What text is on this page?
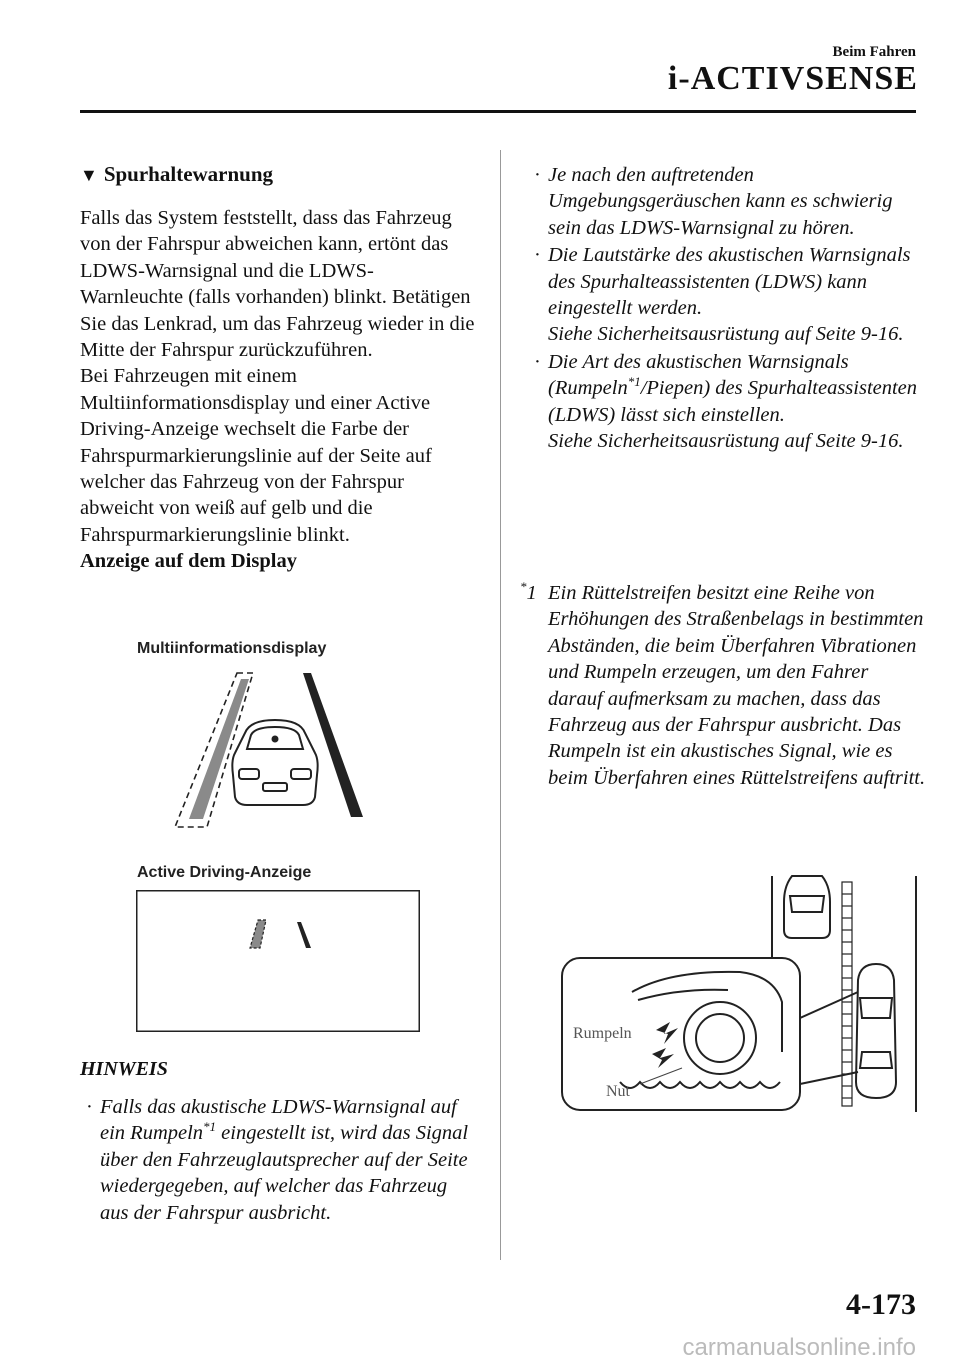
Beim Fahren
i-ACTIVSENSE
▼ Spurhaltewarnung

Falls das System feststellt, dass das Fahrzeug von der Fahrspur abweichen kann, ertönt das LDWS-Warnsignal und die LDWS-Warnleuchte (falls vorhanden) blinkt. Betätigen Sie das Lenkrad, um das Fahrzeug wieder in die Mitte der Fahrspur zurückzuführen.

Bei Fahrzeugen mit einem Multiinformationsdisplay und einer Active Driving-Anzeige wechselt die Farbe der Fahrspurmarkierungslinie auf der Seite auf welcher das Fahrzeug von der Fahrspur abweicht von weiß auf gelb und die Fahrspurmarkierungslinie blinkt.

Anzeige auf dem Display

Multiinformationsdisplay
Active Driving-Anzeige
HINWEIS
· Falls das akustische LDWS-Warnsignal auf ein Rumpeln$^{*1}$ eingestellt ist, wird das Signal über den Fahrzeuglautsprecher auf der Seite wiedergegeben, auf welcher das Fahrzeug aus der Fahrspur ausbricht.
· Je nach den auftretenden Umgebungsgeräuschen kann es schwierig sein das LDWS-Warnsignal zu hören.
· Die Lautstärke des akustischen Warnsignals des Spurhalteassistenten (LDWS) kann eingestellt werden.
Siehe Sicherheitsausrüstung auf Seite 9-16.
· Die Art des akustischen Warnsignals (Rumpeln$^{*1}$/Piepen) des Spurhalteassistenten (LDWS) lässt sich einstellen.
Siehe Sicherheitsausrüstung auf Seite 9-16.
*1 Ein Rüttelstreifen besitzt eine Reihe von Erhöhungen des Straßenbelags in bestimmten Abständen, die beim Überfahren Vibrationen und Rumpeln erzeugen, um den Fahrer darauf aufmerksam zu machen, dass das Fahrzeug aus der Fahrspur ausbricht. Das Rumpeln ist ein akustisches Signal, wie es beim Überfahren eines Rüttelstreifens auftritt.
Rumpeln
Nut
4-173
carmanualsonline.info
